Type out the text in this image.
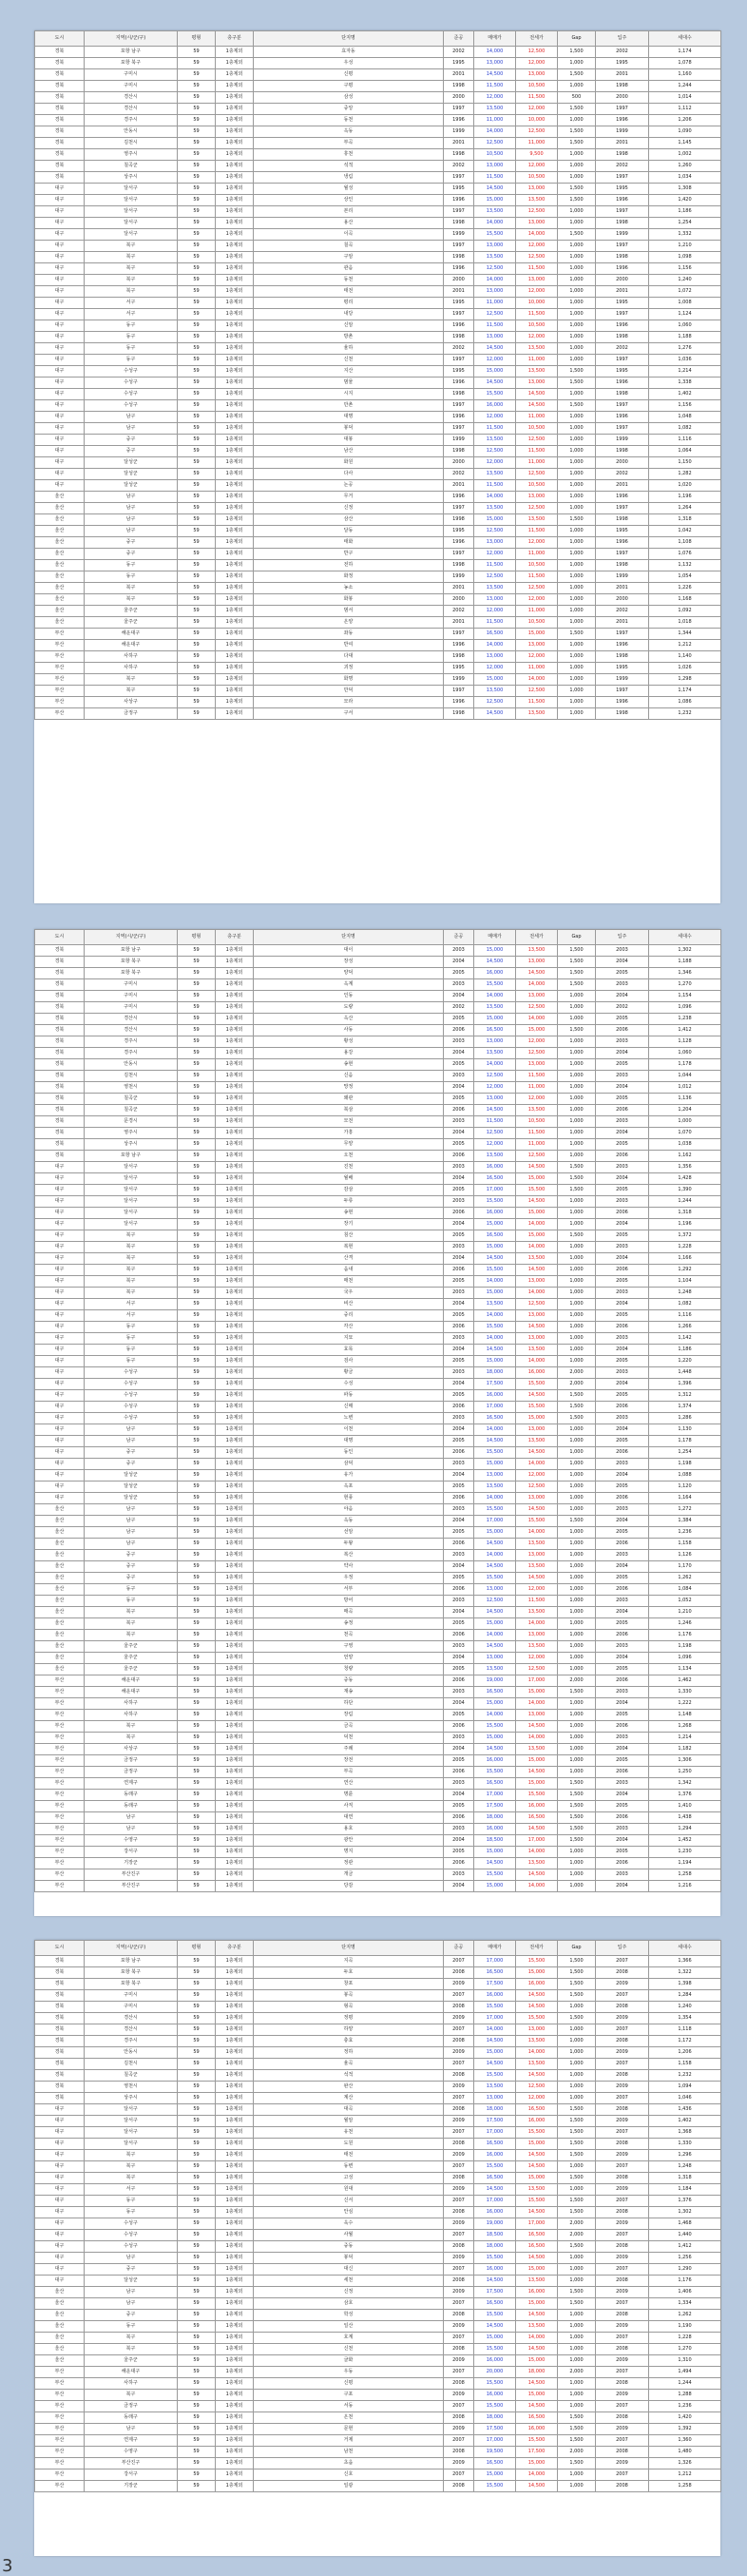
도시	지역(시/군/구)	평형	층구분	단지명	준공	매매가	전세가	Gap	입주	세대수
경북	포항 남구	59	1층제외	효자동	2002	14,000	12,500	1,500	2002	1,174
경북	포항 북구	59	1층제외	우성	1995	13,000	12,000	1,000	1995	1,078
경북	구미시	59	1층제외	신평	2001	14,500	13,000	1,500	2001	1,160
경북	구미시	59	1층제외	구평	1998	11,500	10,500	1,000	1998	1,244
경북	경산시	59	1층제외	삼성	2000	12,000	11,500	500	2000	1,014
경북	경산시	59	1층제외	중앙	1997	13,500	12,000	1,500	1997	1,112
경북	경주시	59	1층제외	동천	1996	11,000	10,000	1,000	1996	1,206
경북	안동시	59	1층제외	옥동	1999	14,000	12,500	1,500	1999	1,090
경북	김천시	59	1층제외	부곡	2001	12,500	11,000	1,500	2001	1,145
경북	영주시	59	1층제외	휴천	1998	10,500	9,500	1,000	1998	1,002
경북	칠곡군	59	1층제외	석적	2002	13,000	12,000	1,000	2002	1,260
경북	상주시	59	1층제외	냉림	1997	11,500	10,500	1,000	1997	1,034
대구	달서구	59	1층제외	월성	1995	14,500	13,000	1,500	1995	1,308
대구	달서구	59	1층제외	상인	1996	15,000	13,500	1,500	1996	1,420
대구	달서구	59	1층제외	본리	1997	13,500	12,500	1,000	1997	1,186
대구	달서구	59	1층제외	용산	1998	14,000	13,000	1,000	1998	1,254
대구	달서구	59	1층제외	이곡	1999	15,500	14,000	1,500	1999	1,332
대구	북구	59	1층제외	칠곡	1997	13,000	12,000	1,000	1997	1,210
대구	북구	59	1층제외	구암	1998	13,500	12,500	1,000	1998	1,098
대구	북구	59	1층제외	관음	1996	12,500	11,500	1,000	1996	1,156
대구	북구	59	1층제외	동천	2000	14,000	13,000	1,000	2000	1,240
대구	북구	59	1층제외	태전	2001	13,000	12,000	1,000	2001	1,072
대구	서구	59	1층제외	평리	1995	11,000	10,000	1,000	1995	1,008
대구	서구	59	1층제외	내당	1997	12,500	11,500	1,000	1997	1,124
대구	동구	59	1층제외	신암	1996	11,500	10,500	1,000	1996	1,060
대구	동구	59	1층제외	방촌	1998	13,000	12,000	1,000	1998	1,188
대구	동구	59	1층제외	율하	2002	14,500	13,500	1,000	2002	1,276
대구	동구	59	1층제외	신천	1997	12,000	11,000	1,000	1997	1,036
대구	수성구	59	1층제외	지산	1995	15,000	13,500	1,500	1995	1,214
대구	수성구	59	1층제외	범물	1996	14,500	13,000	1,500	1996	1,338
대구	수성구	59	1층제외	시지	1998	15,500	14,500	1,000	1998	1,402
대구	수성구	59	1층제외	만촌	1997	16,000	14,500	1,500	1997	1,156
대구	남구	59	1층제외	대명	1996	12,000	11,000	1,000	1996	1,048
대구	남구	59	1층제외	봉덕	1997	11,500	10,500	1,000	1997	1,082
대구	중구	59	1층제외	대봉	1999	13,500	12,500	1,000	1999	1,116
대구	중구	59	1층제외	남산	1998	12,500	11,500	1,000	1998	1,064
대구	달성군	59	1층제외	화원	2000	12,000	11,000	1,000	2000	1,150
대구	달성군	59	1층제외	다사	2002	13,500	12,500	1,000	2002	1,282
대구	달성군	59	1층제외	논공	2001	11,500	10,500	1,000	2001	1,020
울산	남구	59	1층제외	무거	1996	14,000	13,000	1,000	1996	1,196
울산	남구	59	1층제외	신정	1997	13,500	12,500	1,000	1997	1,264
울산	남구	59	1층제외	삼산	1998	15,000	13,500	1,500	1998	1,318
울산	남구	59	1층제외	달동	1995	12,500	11,500	1,000	1995	1,042
울산	중구	59	1층제외	태화	1996	13,000	12,000	1,000	1996	1,108
울산	중구	59	1층제외	반구	1997	12,000	11,000	1,000	1997	1,076
울산	동구	59	1층제외	전하	1998	11,500	10,500	1,000	1998	1,132
울산	동구	59	1층제외	화정	1999	12,500	11,500	1,000	1999	1,054
울산	북구	59	1층제외	농소	2001	13,500	12,500	1,000	2001	1,226
울산	북구	59	1층제외	화봉	2000	13,000	12,000	1,000	2000	1,168
울산	울주군	59	1층제외	범서	2002	12,000	11,000	1,000	2002	1,092
울산	울주군	59	1층제외	온양	2001	11,500	10,500	1,000	2001	1,018
부산	해운대구	59	1층제외	좌동	1997	16,500	15,000	1,500	1997	1,344
부산	해운대구	59	1층제외	반여	1996	14,000	13,000	1,000	1996	1,212
부산	사하구	59	1층제외	다대	1998	13,000	12,000	1,000	1998	1,140
부산	사하구	59	1층제외	괴정	1995	12,000	11,000	1,000	1995	1,026
부산	북구	59	1층제외	화명	1999	15,000	14,000	1,000	1999	1,298
부산	북구	59	1층제외	만덕	1997	13,500	12,500	1,000	1997	1,174
부산	사상구	59	1층제외	모라	1996	12,500	11,500	1,000	1996	1,086
부산	금정구	59	1층제외	구서	1998	14,500	13,500	1,000	1998	1,232
도시	지역(시/군/구)	평형	층구분	단지명	준공	매매가	전세가	Gap	입주	세대수
경북	포항 남구	59	1층제외	대이	2003	15,000	13,500	1,500	2003	1,302
경북	포항 북구	59	1층제외	장성	2004	14,500	13,000	1,500	2004	1,188
경북	포항 북구	59	1층제외	양덕	2005	16,000	14,500	1,500	2005	1,346
경북	구미시	59	1층제외	옥계	2003	15,500	14,000	1,500	2003	1,270
경북	구미시	59	1층제외	인동	2004	14,000	13,000	1,000	2004	1,154
경북	구미시	59	1층제외	도량	2002	13,500	12,500	1,000	2002	1,096
경북	경산시	59	1층제외	옥산	2005	15,000	14,000	1,000	2005	1,238
경북	경산시	59	1층제외	사동	2006	16,500	15,000	1,500	2006	1,412
경북	경주시	59	1층제외	황성	2003	13,000	12,000	1,000	2003	1,128
경북	경주시	59	1층제외	용강	2004	13,500	12,500	1,000	2004	1,060
경북	안동시	59	1층제외	송현	2005	14,000	13,000	1,000	2005	1,178
경북	김천시	59	1층제외	신음	2003	12,500	11,500	1,000	2003	1,044
경북	영천시	59	1층제외	망정	2004	12,000	11,000	1,000	2004	1,012
경북	칠곡군	59	1층제외	왜관	2005	13,000	12,000	1,000	2005	1,136
경북	칠곡군	59	1층제외	북삼	2006	14,500	13,500	1,000	2006	1,204
경북	문경시	59	1층제외	모전	2003	11,500	10,500	1,000	2003	1,000
경북	영주시	59	1층제외	가흥	2004	12,500	11,500	1,000	2004	1,070
경북	상주시	59	1층제외	무양	2005	12,000	11,000	1,000	2005	1,038
경북	포항 남구	59	1층제외	오천	2006	13,500	12,500	1,000	2006	1,162
대구	달서구	59	1층제외	진천	2003	16,000	14,500	1,500	2003	1,356
대구	달서구	59	1층제외	월배	2004	16,500	15,000	1,500	2004	1,428
대구	달서구	59	1층제외	감삼	2005	17,000	15,500	1,500	2005	1,390
대구	달서구	59	1층제외	두류	2003	15,500	14,500	1,000	2003	1,244
대구	달서구	59	1층제외	송현	2006	16,000	15,000	1,000	2006	1,318
대구	달서구	59	1층제외	장기	2004	15,000	14,000	1,000	2004	1,196
대구	북구	59	1층제외	침산	2005	16,500	15,000	1,500	2005	1,372
대구	북구	59	1층제외	복현	2003	15,000	14,000	1,000	2003	1,228
대구	북구	59	1층제외	산격	2004	14,500	13,500	1,000	2004	1,166
대구	북구	59	1층제외	읍내	2006	15,500	14,500	1,000	2006	1,292
대구	북구	59	1층제외	매천	2005	14,000	13,000	1,000	2005	1,104
대구	북구	59	1층제외	국우	2003	15,000	14,000	1,000	2003	1,248
대구	서구	59	1층제외	비산	2004	13,500	12,500	1,000	2004	1,082
대구	서구	59	1층제외	중리	2005	14,000	13,000	1,000	2005	1,116
대구	동구	59	1층제외	각산	2006	15,500	14,500	1,000	2006	1,266
대구	동구	59	1층제외	지묘	2003	14,000	13,000	1,000	2003	1,142
대구	동구	59	1층제외	효목	2004	14,500	13,500	1,000	2004	1,186
대구	동구	59	1층제외	검사	2005	15,000	14,000	1,000	2005	1,220
대구	수성구	59	1층제외	황금	2003	18,000	16,000	2,000	2003	1,448
대구	수성구	59	1층제외	수성	2004	17,500	15,500	2,000	2004	1,396
대구	수성구	59	1층제외	파동	2005	16,000	14,500	1,500	2005	1,312
대구	수성구	59	1층제외	신매	2006	17,000	15,500	1,500	2006	1,374
대구	수성구	59	1층제외	노변	2003	16,500	15,000	1,500	2003	1,286
대구	남구	59	1층제외	이천	2004	14,000	13,000	1,000	2004	1,130
대구	남구	59	1층제외	대명	2005	14,500	13,500	1,000	2005	1,178
대구	중구	59	1층제외	동인	2006	15,500	14,500	1,000	2006	1,254
대구	중구	59	1층제외	삼덕	2003	15,000	14,000	1,000	2003	1,198
대구	달성군	59	1층제외	유가	2004	13,000	12,000	1,000	2004	1,088
대구	달성군	59	1층제외	옥포	2005	13,500	12,500	1,000	2005	1,120
대구	달성군	59	1층제외	현풍	2006	14,000	13,000	1,000	2006	1,164
울산	남구	59	1층제외	야음	2003	15,500	14,500	1,000	2003	1,272
울산	남구	59	1층제외	옥동	2004	17,000	15,500	1,500	2004	1,384
울산	남구	59	1층제외	선암	2005	15,000	14,000	1,000	2005	1,236
울산	남구	59	1층제외	두왕	2006	14,500	13,500	1,000	2006	1,158
울산	중구	59	1층제외	복산	2003	14,000	13,000	1,000	2003	1,126
울산	중구	59	1층제외	약사	2004	14,500	13,500	1,000	2004	1,170
울산	중구	59	1층제외	우정	2005	15,500	14,500	1,000	2005	1,262
울산	동구	59	1층제외	서부	2006	13,000	12,000	1,000	2006	1,084
울산	동구	59	1층제외	방어	2003	12,500	11,500	1,000	2003	1,052
울산	북구	59	1층제외	매곡	2004	14,500	13,500	1,000	2004	1,210
울산	북구	59	1층제외	송정	2005	15,000	14,000	1,000	2005	1,246
울산	북구	59	1층제외	천곡	2006	14,000	13,000	1,000	2006	1,176
울산	울주군	59	1층제외	구영	2003	14,500	13,500	1,000	2003	1,198
울산	울주군	59	1층제외	언양	2004	13,000	12,000	1,000	2004	1,096
울산	울주군	59	1층제외	청량	2005	13,500	12,500	1,000	2005	1,134
부산	해운대구	59	1층제외	중동	2006	19,000	17,000	2,000	2006	1,462
부산	해운대구	59	1층제외	재송	2003	16,500	15,000	1,500	2003	1,330
부산	사하구	59	1층제외	하단	2004	15,000	14,000	1,000	2004	1,222
부산	사하구	59	1층제외	장림	2005	14,000	13,000	1,000	2005	1,148
부산	북구	59	1층제외	금곡	2006	15,500	14,500	1,000	2006	1,268
부산	북구	59	1층제외	덕천	2003	15,000	14,000	1,000	2003	1,214
부산	사상구	59	1층제외	주례	2004	14,500	13,500	1,000	2004	1,182
부산	금정구	59	1층제외	장전	2005	16,000	15,000	1,000	2005	1,306
부산	금정구	59	1층제외	부곡	2006	15,500	14,500	1,000	2006	1,250
부산	연제구	59	1층제외	연산	2003	16,500	15,000	1,500	2003	1,342
부산	동래구	59	1층제외	명륜	2004	17,000	15,500	1,500	2004	1,376
부산	동래구	59	1층제외	사직	2005	17,500	16,000	1,500	2005	1,410
부산	남구	59	1층제외	대연	2006	18,000	16,500	1,500	2006	1,438
부산	남구	59	1층제외	용호	2003	16,000	14,500	1,500	2003	1,294
부산	수영구	59	1층제외	광안	2004	18,500	17,000	1,500	2004	1,452
부산	강서구	59	1층제외	명지	2005	15,000	14,000	1,000	2005	1,230
부산	기장군	59	1층제외	정관	2006	14,500	13,500	1,000	2006	1,194
부산	부산진구	59	1층제외	개금	2003	15,500	14,500	1,000	2003	1,258
부산	부산진구	59	1층제외	당감	2004	15,000	14,000	1,000	2004	1,216
도시	지역(시/군/구)	평형	층구분	단지명	준공	매매가	전세가	Gap	입주	세대수
경북	포항 남구	59	1층제외	지곡	2007	17,000	15,500	1,500	2007	1,366
경북	포항 북구	59	1층제외	두호	2008	16,500	15,000	1,500	2008	1,322
경북	포항 북구	59	1층제외	창포	2009	17,500	16,000	1,500	2009	1,398
경북	구미시	59	1층제외	봉곡	2007	16,000	14,500	1,500	2007	1,284
경북	구미시	59	1층제외	형곡	2008	15,500	14,500	1,000	2008	1,240
경북	경산시	59	1층제외	정평	2009	17,000	15,500	1,500	2009	1,354
경북	경산시	59	1층제외	하양	2007	14,000	13,000	1,000	2007	1,118
경북	경주시	59	1층제외	충효	2008	14,500	13,500	1,000	2008	1,172
경북	안동시	59	1층제외	정하	2009	15,000	14,000	1,000	2009	1,206
경북	김천시	59	1층제외	율곡	2007	14,500	13,500	1,000	2007	1,158
경북	칠곡군	59	1층제외	석적	2008	15,500	14,500	1,000	2008	1,232
경북	영천시	59	1층제외	완산	2009	13,500	12,500	1,000	2009	1,094
경북	상주시	59	1층제외	계산	2007	13,000	12,000	1,000	2007	1,046
대구	달서구	59	1층제외	대곡	2008	18,000	16,500	1,500	2008	1,436
대구	달서구	59	1층제외	월암	2009	17,500	16,000	1,500	2009	1,402
대구	달서구	59	1층제외	유천	2007	17,000	15,500	1,500	2007	1,368
대구	달서구	59	1층제외	도원	2008	16,500	15,000	1,500	2008	1,330
대구	북구	59	1층제외	태전	2009	16,000	14,500	1,500	2009	1,296
대구	북구	59	1층제외	동변	2007	15,500	14,500	1,000	2007	1,248
대구	북구	59	1층제외	고성	2008	16,500	15,000	1,500	2008	1,318
대구	서구	59	1층제외	원대	2009	14,500	13,500	1,000	2009	1,184
대구	동구	59	1층제외	신서	2007	17,000	15,500	1,500	2007	1,376
대구	동구	59	1층제외	안심	2008	16,000	14,500	1,500	2008	1,302
대구	수성구	59	1층제외	욱수	2009	19,000	17,000	2,000	2009	1,468
대구	수성구	59	1층제외	사월	2007	18,500	16,500	2,000	2007	1,440
대구	수성구	59	1층제외	중동	2008	18,000	16,500	1,500	2008	1,412
대구	남구	59	1층제외	봉덕	2009	15,500	14,500	1,000	2009	1,256
대구	중구	59	1층제외	대신	2007	16,000	15,000	1,000	2007	1,290
대구	달성군	59	1층제외	세천	2008	14,500	13,500	1,000	2008	1,176
울산	남구	59	1층제외	신정	2009	17,500	16,000	1,500	2009	1,406
울산	남구	59	1층제외	삼호	2007	16,500	15,000	1,500	2007	1,334
울산	중구	59	1층제외	학성	2008	15,500	14,500	1,000	2008	1,262
울산	동구	59	1층제외	일산	2009	14,500	13,500	1,000	2009	1,190
울산	북구	59	1층제외	호계	2007	15,000	14,000	1,000	2007	1,228
울산	북구	59	1층제외	신천	2008	15,500	14,500	1,000	2008	1,270
울산	울주군	59	1층제외	굴화	2009	16,000	15,000	1,000	2009	1,310
부산	해운대구	59	1층제외	우동	2007	20,000	18,000	2,000	2007	1,494
부산	사하구	59	1층제외	신평	2008	15,500	14,500	1,000	2008	1,244
부산	북구	59	1층제외	구포	2009	16,000	15,000	1,000	2009	1,288
부산	금정구	59	1층제외	서동	2007	15,500	14,500	1,000	2007	1,236
부산	동래구	59	1층제외	온천	2008	18,000	16,500	1,500	2008	1,420
부산	남구	59	1층제외	문현	2009	17,500	16,000	1,500	2009	1,392
부산	연제구	59	1층제외	거제	2007	17,000	15,500	1,500	2007	1,360
부산	수영구	59	1층제외	남천	2008	19,500	17,500	2,000	2008	1,480
부산	부산진구	59	1층제외	초읍	2009	16,500	15,000	1,500	2009	1,326
부산	강서구	59	1층제외	신호	2007	15,000	14,000	1,000	2007	1,212
부산	기장군	59	1층제외	일광	2008	15,500	14,500	1,000	2008	1,258
3
